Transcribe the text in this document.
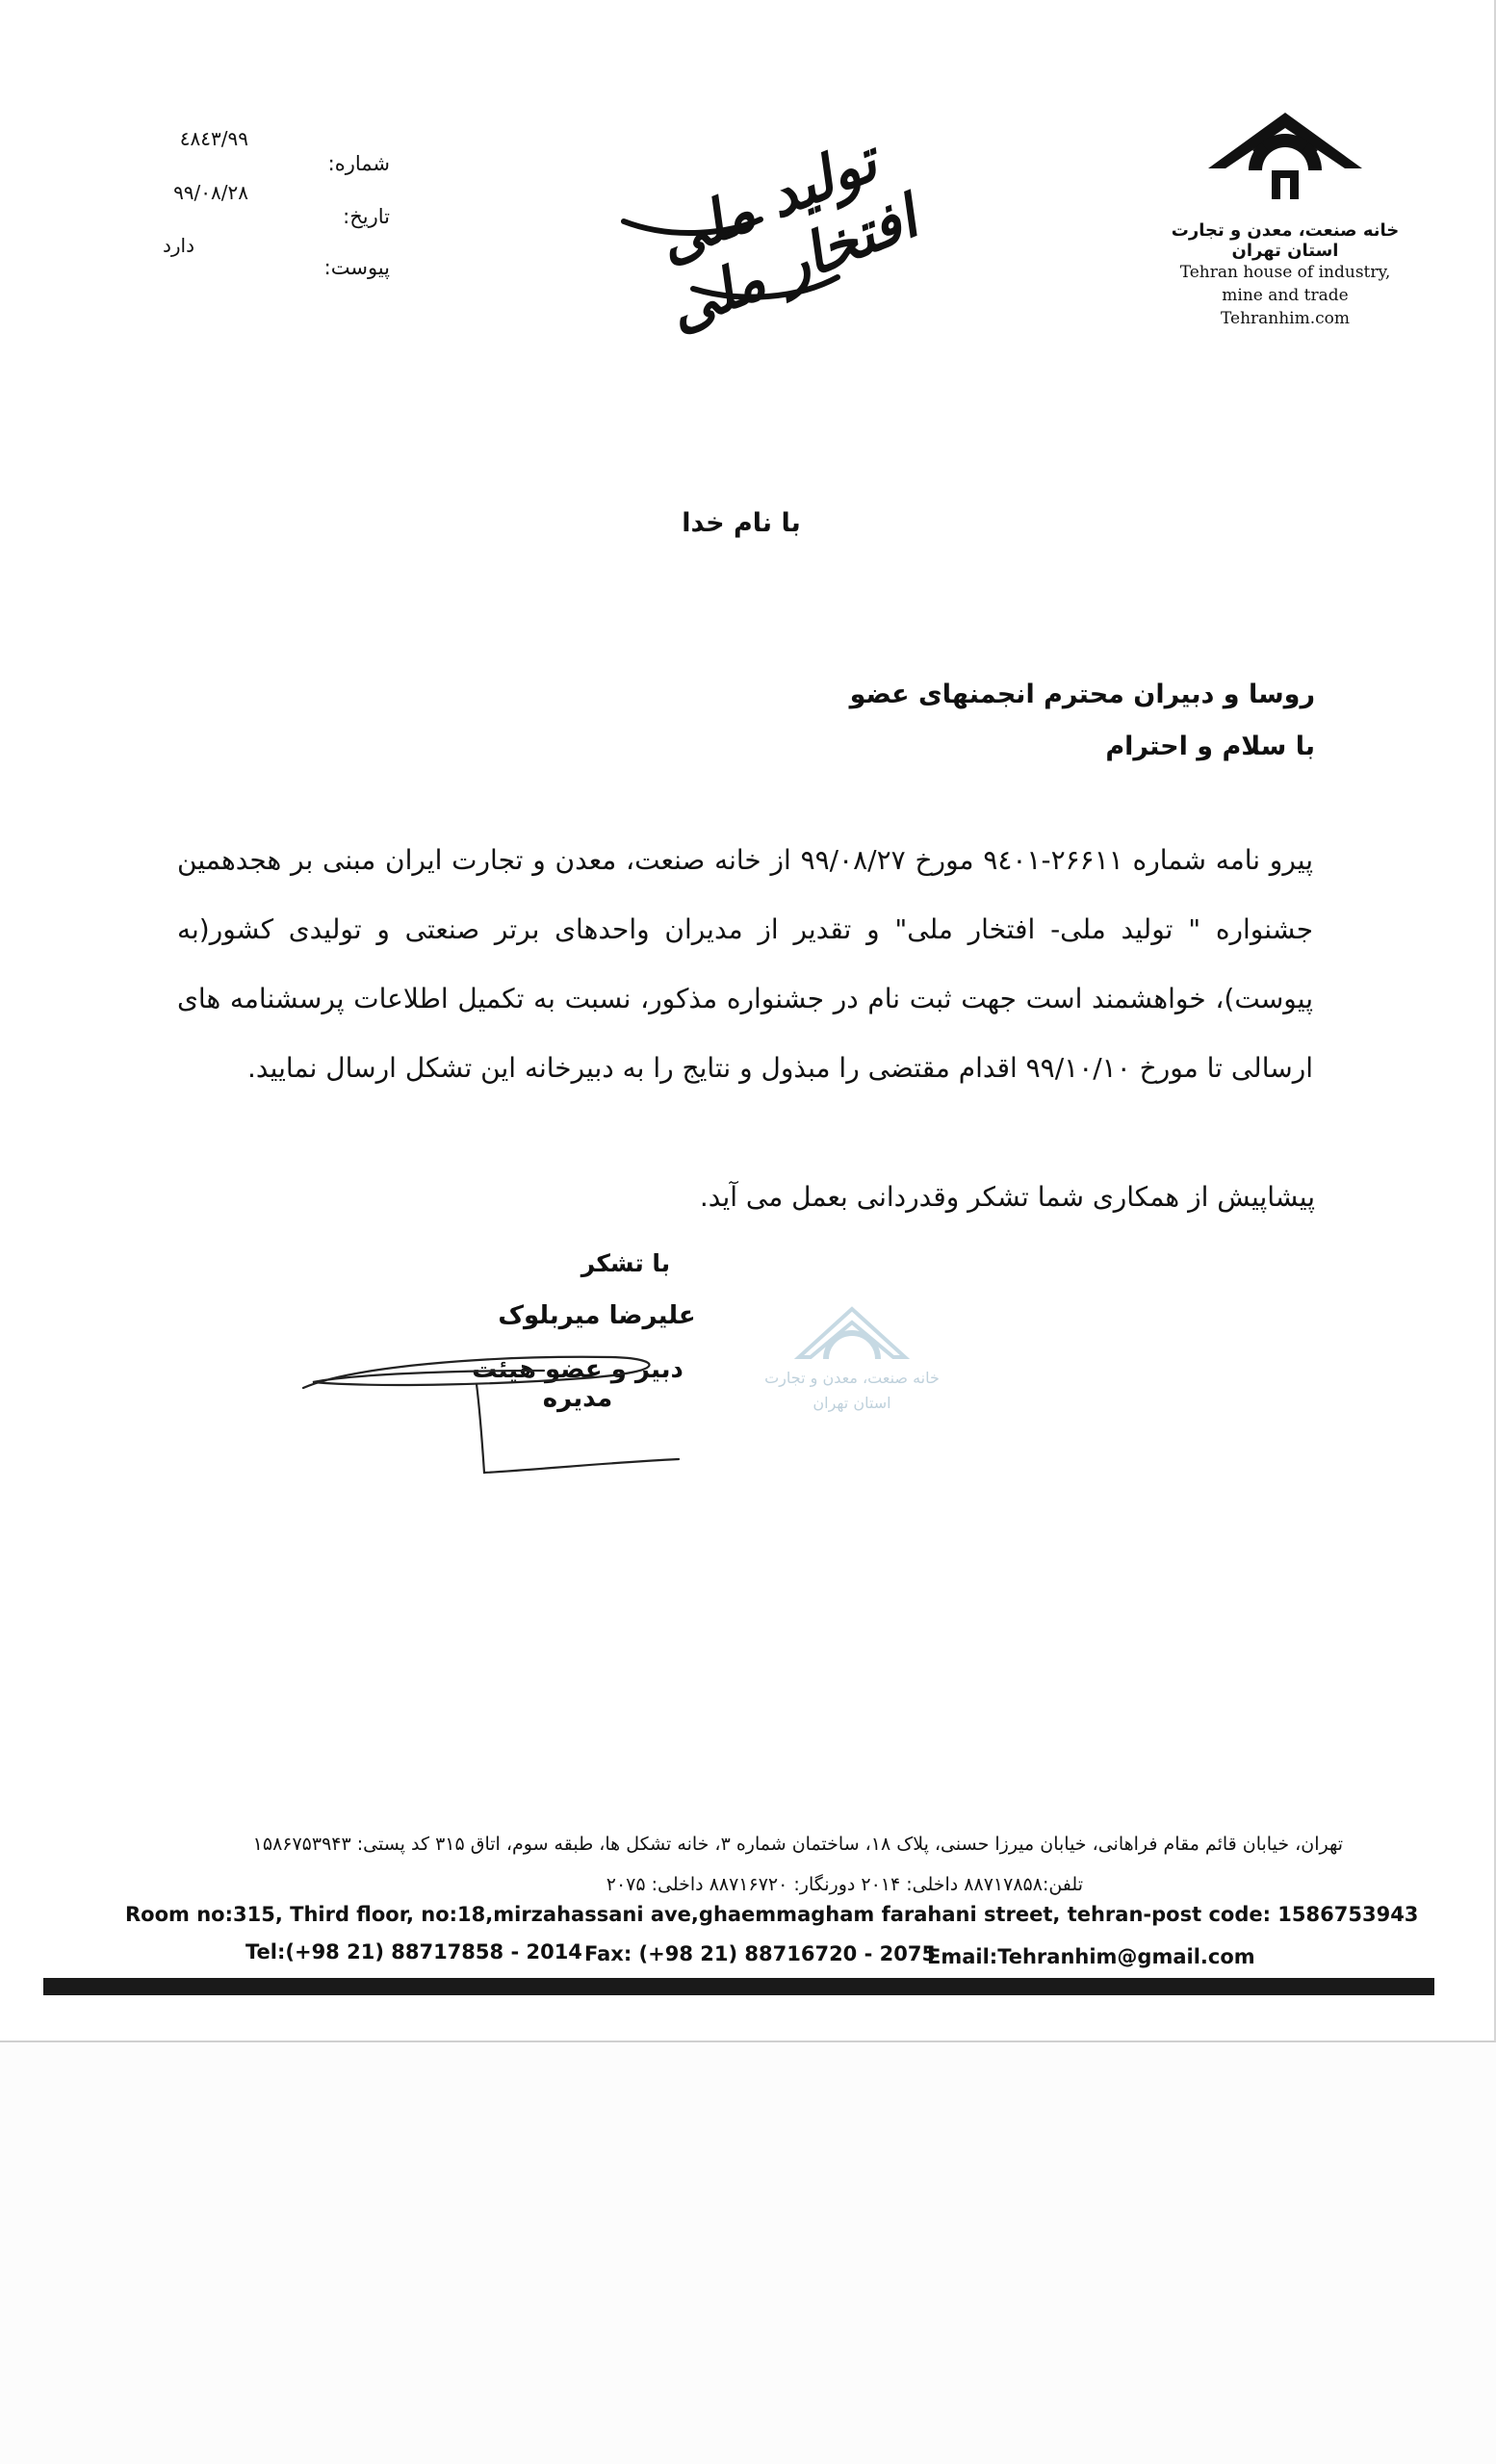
خانه صنعت، معدن و تجارت
استان تهران
Tehran house of industry,
mine and trade
Tehranhim.com
تولید ملی افتخار ملی
شماره:
تاریخ:
پیوست:
۹۹/٤٨٤٣
۹۹/۰۸/۲۸
دارد
با نام خدا
روسا و دبیران محترم انجمنهای عضو
با سلام و احترام
پیرو نامه شماره ۲۶۶۱۱-۹٤۰۱ مورخ ۹۹/۰۸/۲۷ از خانه صنعت، معدن و تجارت ایران مبنی بر هجدهمین جشنواره " تولید ملی- افتخار ملی" و تقدیر از مدیران واحدهای برتر صنعتی و تولیدی کشور(به پیوست)، خواهشمند است جهت ثبت نام در جشنواره مذکور، نسبت به تکمیل اطلاعات پرسشنامه های ارسالی تا مورخ ۹۹/۱۰/۱۰ اقدام مقتضی را مبذول و نتایج را به دبیرخانه این تشکل ارسال نمایید.
پیشاپیش از همکاری شما تشکر وقدردانی بعمل می آید.
خانه صنعت، معدن و تجارت
استان تهران
با تشکر
علیرضا میربلوک
دبیر و عضو هیئت مدیره
تهران، خیابان قائم مقام فراهانی، خیابان میرزا حسنی، پلاک ۱۸، ساختمان شماره ۳، خانه تشکل ها، طبقه سوم، اتاق ۳۱۵ کد پستی: ۱۵۸۶۷۵۳۹۴۳
تلفن:۸۸۷۱۷۸۵۸ داخلی: ۲۰۱۴ دورنگار: ۸۸۷۱۶۷۲۰ داخلی: ۲۰۷۵
Room no:315, Third floor, no:18,mirzahassani ave,ghaemmagham farahani street, tehran-post code: 1586753943
Tel:(+98 21) 88717858 - 2014 Fax: (+98 21) 88716720 - 2075
Email:Tehranhim@gmail.com
